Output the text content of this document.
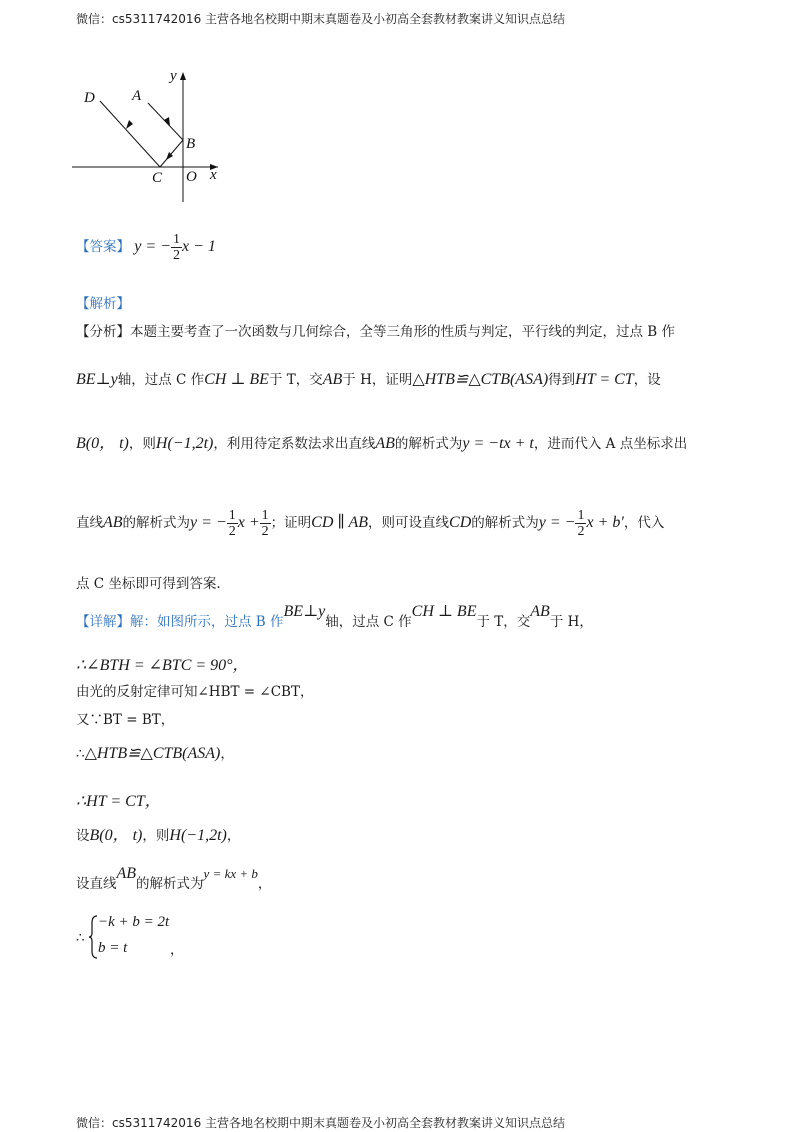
微信：cs5311742016 主营各地名校期中期末真题卷及小初高全套教材教案讲义知识点总结
y
x
D A
B
C O
【答案】 y = − $\frac{1}{2}$ x − 1
【解析】
【分析】本题主要考查了一次函数与几何综合，全等三角形的性质与判定，平行线的判定，过点 B 作
BE⊥y轴，过点 C 作CH ⊥ BE于 T，交AB于 H，证明△HTB≌△CTB(ASA)得到HT = CT，设
B(0， t)，则H(−1,2t)，利用待定系数法求出直线AB的解析式为y = −tx + t，进而代入 A 点坐标求出
直线AB的解析式为y = − $\frac{1}{2}$ $x + \frac{1}{2}$ ；证明CD ∥ AB，则可设直线CD的解析式为y = − $\frac{1}{2}$ x + b′，代入
点 C 坐标即可得到答案.
【详解】解：如图所示，过点 B 作BE⊥y轴，过点 C 作CH ⊥ BE于 T，交AB于 H，
∴∠BTH = ∠BTC = 90°，
由光的反射定律可知∠HBT = ∠CBT，
又∵BT = BT，
∴△HTB≌△CTB(ASA)，
∴HT = CT，
设B(0， t)，则H(−1,2t)，
设直线AB的解析式为y = kx + b，
∴
−k + b = 2t
b = t	，
微信：cs5311742016 主营各地名校期中期末真题卷及小初高全套教材教案讲义知识点总结
